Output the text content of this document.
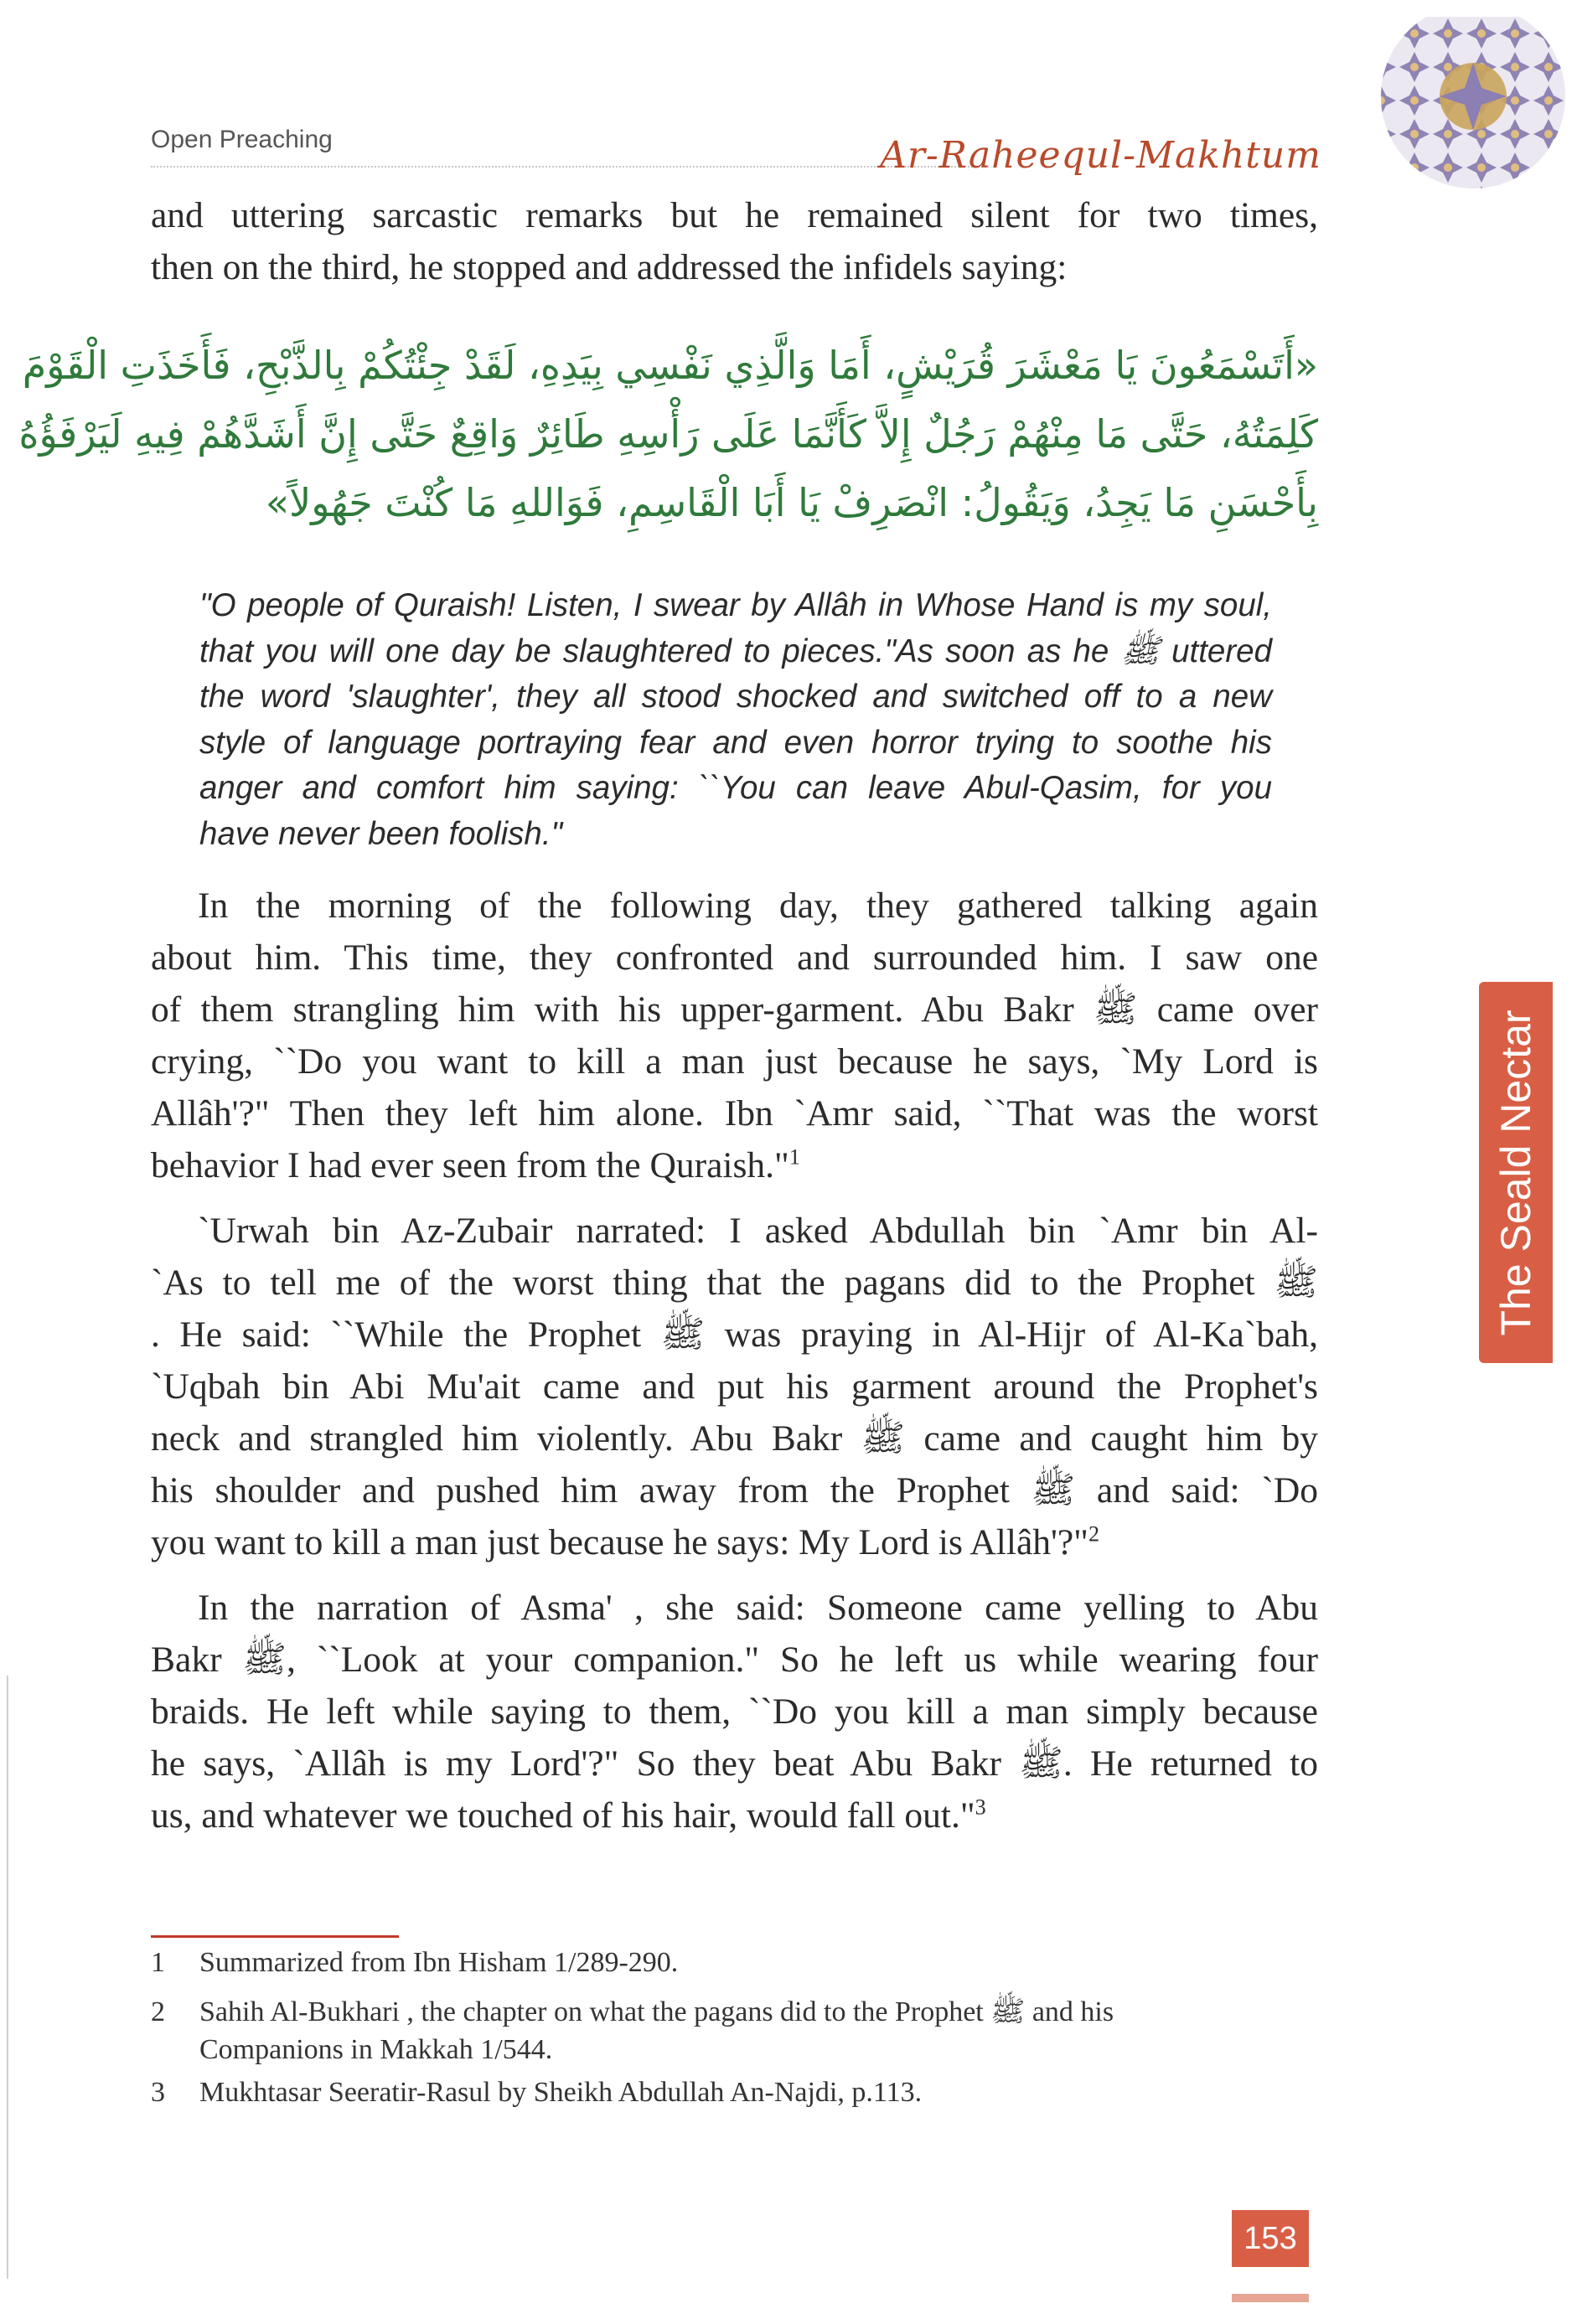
Open Preaching	Ar-Raheequl-Makhtum
and uttering sarcastic remarks but he remained silent for two times,
then on the third, he stopped and addressed the infidels saying:
«أَتَسْمَعُونَ يَا مَعْشَرَ قُرَيْشٍ، أَمَا وَالَّذِي نَفْسِي بِيَدِهِ، لَقَدْ جِئْتُكُمْ بِالذَّبْحِ، فَأَخَذَتِ الْقَوْمَ
كَلِمَتُهُ، حَتَّى مَا مِنْهُمْ رَجُلٌ إِلاَّ كَأَنَّمَا عَلَى رَأْسِهِ طَائِرٌ وَاقِعٌ حَتَّى إِنَّ أَشَدَّهُمْ فِيهِ لَيَرْفَؤُهُ
بِأَحْسَنِ مَا يَجِدُ، وَيَقُولُ: انْصَرِفْ يَا أَبَا الْقَاسِمِ، فَوَاللهِ مَا كُنْتَ جَهُولاً»
"O people of Quraish! Listen, I swear by Allâh in Whose Hand is my soul,
that you will one day be slaughtered to pieces."As soon as he ﷺ uttered
the word 'slaughter', they all stood shocked and switched off to a new
style of language portraying fear and even horror trying to soothe his
anger and comfort him saying: ``You can leave Abul-Qasim, for you
have never been foolish."
In the morning of the following day, they gathered talking again
about him. This time, they confronted and surrounded him. I saw one
of them strangling him with his upper-garment. Abu Bakr ﷺ came over
crying, ``Do you want to kill a man just because he says, `My Lord is
Allâh'?" Then they left him alone. Ibn `Amr said, ``That was the worst
behavior I had ever seen from the Quraish."$^1$
`Urwah bin Az-Zubair narrated: I asked Abdullah bin `Amr bin Al-
`As to tell me of the worst thing that the pagans did to the Prophet ﷺ
. He said: ``While the Prophet ﷺ was praying in Al-Hijr of Al-Ka`bah,
`Uqbah bin Abi Mu'ait came and put his garment around the Prophet's
neck and strangled him violently. Abu Bakr ﷺ came and caught him by
his shoulder and pushed him away from the Prophet ﷺ and said: `Do
you want to kill a man just because he says: My Lord is Allâh'?"$^2$
In the narration of Asma' , she said: Someone came yelling to Abu
Bakr ﷺ, ``Look at your companion." So he left us while wearing four
braids. He left while saying to them, ``Do you kill a man simply because
he says, `Allâh is my Lord'?" So they beat Abu Bakr ﷺ. He returned to
us, and whatever we touched of his hair, would fall out."$^3$
1 Summarized from Ibn Hisham 1/289-290.
2 Sahih Al-Bukhari , the chapter on what the pagans did to the Prophet ﷺ and his
Companions in Makkah 1/544.
3 Mukhtasar Seeratir-Rasul by Sheikh Abdullah An-Najdi, p.113.
The Seald Nectar
153
